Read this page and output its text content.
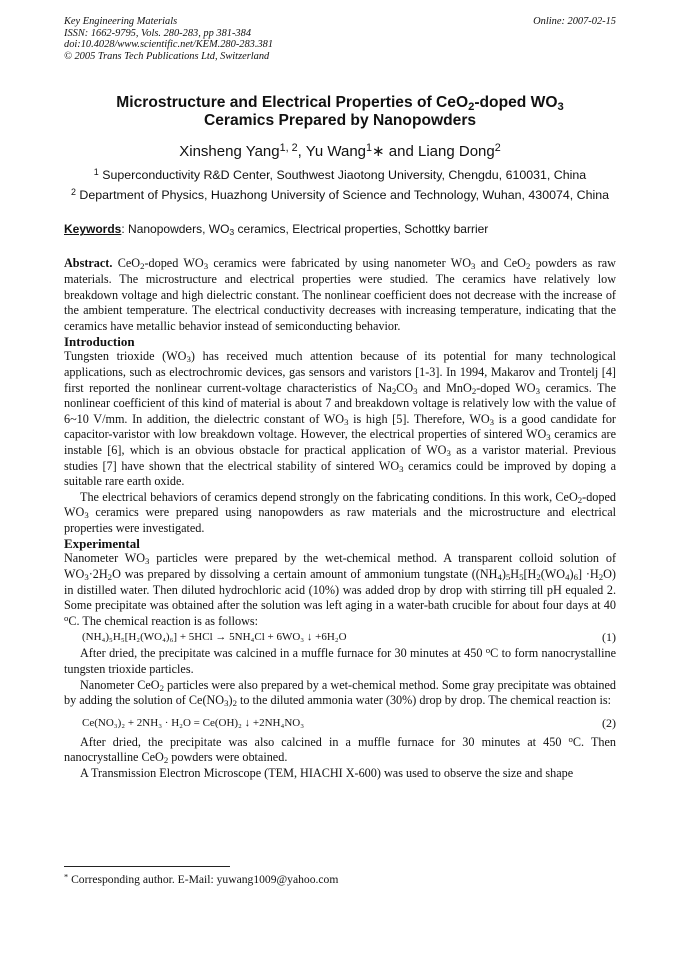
Key Engineering Materials
ISSN: 1662-9795, Vols. 280-283, pp 381-384
doi:10.4028/www.scientific.net/KEM.280-283.381
© 2005 Trans Tech Publications Ltd, Switzerland
Online: 2007-02-15
Microstructure and Electrical Properties of CeO$_2$-doped $WO_3$
Ceramics Prepared by Nanopowders
Xinsheng Yang$^{1, 2}$, Yu Wang$^1$∗ and Liang Dong$^2$
$^1$ Superconductivity R&D Center, Southwest Jiaotong University, Chengdu, 610031, China
$^2$ Department of Physics, Huazhong University of Science and Technology, Wuhan, 430074, China
Keywords: Nanopowders, $WO_3$ ceramics, Electrical properties, Schottky barrier

Abstract. CeO$_2$-doped $WO_3$ ceramics were fabricated by using nanometer $WO_3$ and CeO$_2$ powders as raw materials. The microstructure and electrical properties were studied. The ceramics have relatively low breakdown voltage and high dielectric constant. The nonlinear coefficient does not decrease with the increase of the ambient temperature. The electrical conductivity decreases with increasing temperature, indicating that the ceramics have metallic behavior instead of semiconducting behavior.

Introduction

Tungsten trioxide $(WO_3)$ has received much attention because of its potential for many technological applications, such as electrochromic devices, gas sensors and varistors [1-3]. In 1994, Makarov and Trontelj [4] first reported the nonlinear current-voltage characteristics of $Na_2CO_3$ and MnO$_2$-doped $WO_3$ ceramics. The nonlinear coefficient of this kind of material is about 7 and breakdown voltage is relatively low with the value of 6~10 V/mm. In addition, the dielectric constant of $WO_3$ is high [5]. Therefore, $WO_3$ is a good candidate for capacitor-varistor with low breakdown voltage. However, the electrical properties of sintered $WO_3$ ceramics are instable [6], which is an obvious obstacle for practical application of $WO_3$ as a varistor material. Previous studies [7] have shown that the electrical stability of sintered $WO_3$ ceramics could be improved by doping a suitable rare earth oxide.

The electrical behaviors of ceramics depend strongly on the fabricating conditions. In this work, CeO$_2$-doped $WO_3$ ceramics were prepared using nanopowders as raw materials and the microstructure and electrical properties were investigated.

Experimental

Nanometer $WO_3$ particles were prepared by the wet-chemical method. A transparent colloid solution of $WO_3\cdot 2H_2O$ was prepared by dissolving a certain amount of ammonium tungstate $((NH_4)_5H_5[H_2(WO_4)_6] \cdot H_2O)$ in distilled water. Then diluted hydrochloric acid (10%) was added drop by drop with stirring till pH equaled 2. Some precipitate was obtained after the solution was left aging in a water-bath crucible for about four days at 40 $^o$C. The chemical reaction is as follows:

(NH₄)₅H₅[H₂(WO₄)₆] + 5HCl → 5NH₄Cl + 6WO₃ ↓ +6H₂O	(1)

After dried, the precipitate was calcined in a muffle furnace for 30 minutes at 450 $^o$C to form nanocrystalline tungsten trioxide particles.

Nanometer CeO$_2$ particles were also prepared by a wet-chemical method. Some gray precipitate was obtained by adding the solution of $Ce(NO_3)_2$ to the diluted ammonia water (30%) drop by drop. The chemical reaction is:

Ce(NO₃)₂ + 2NH₃ · H₂O = Ce(OH)₂ ↓ +2NH₄NO₃	(2)

After dried, the precipitate was also calcined in a muffle furnace for 30 minutes at 450 $^o$C. Then nanocrystalline CeO$_2$ powders were obtained.

A Transmission Electron Microscope (TEM, HIACHI X-600) was used to observe the size and shape

* Corresponding author. E-Mail: yuwang1009@yahoo.com
